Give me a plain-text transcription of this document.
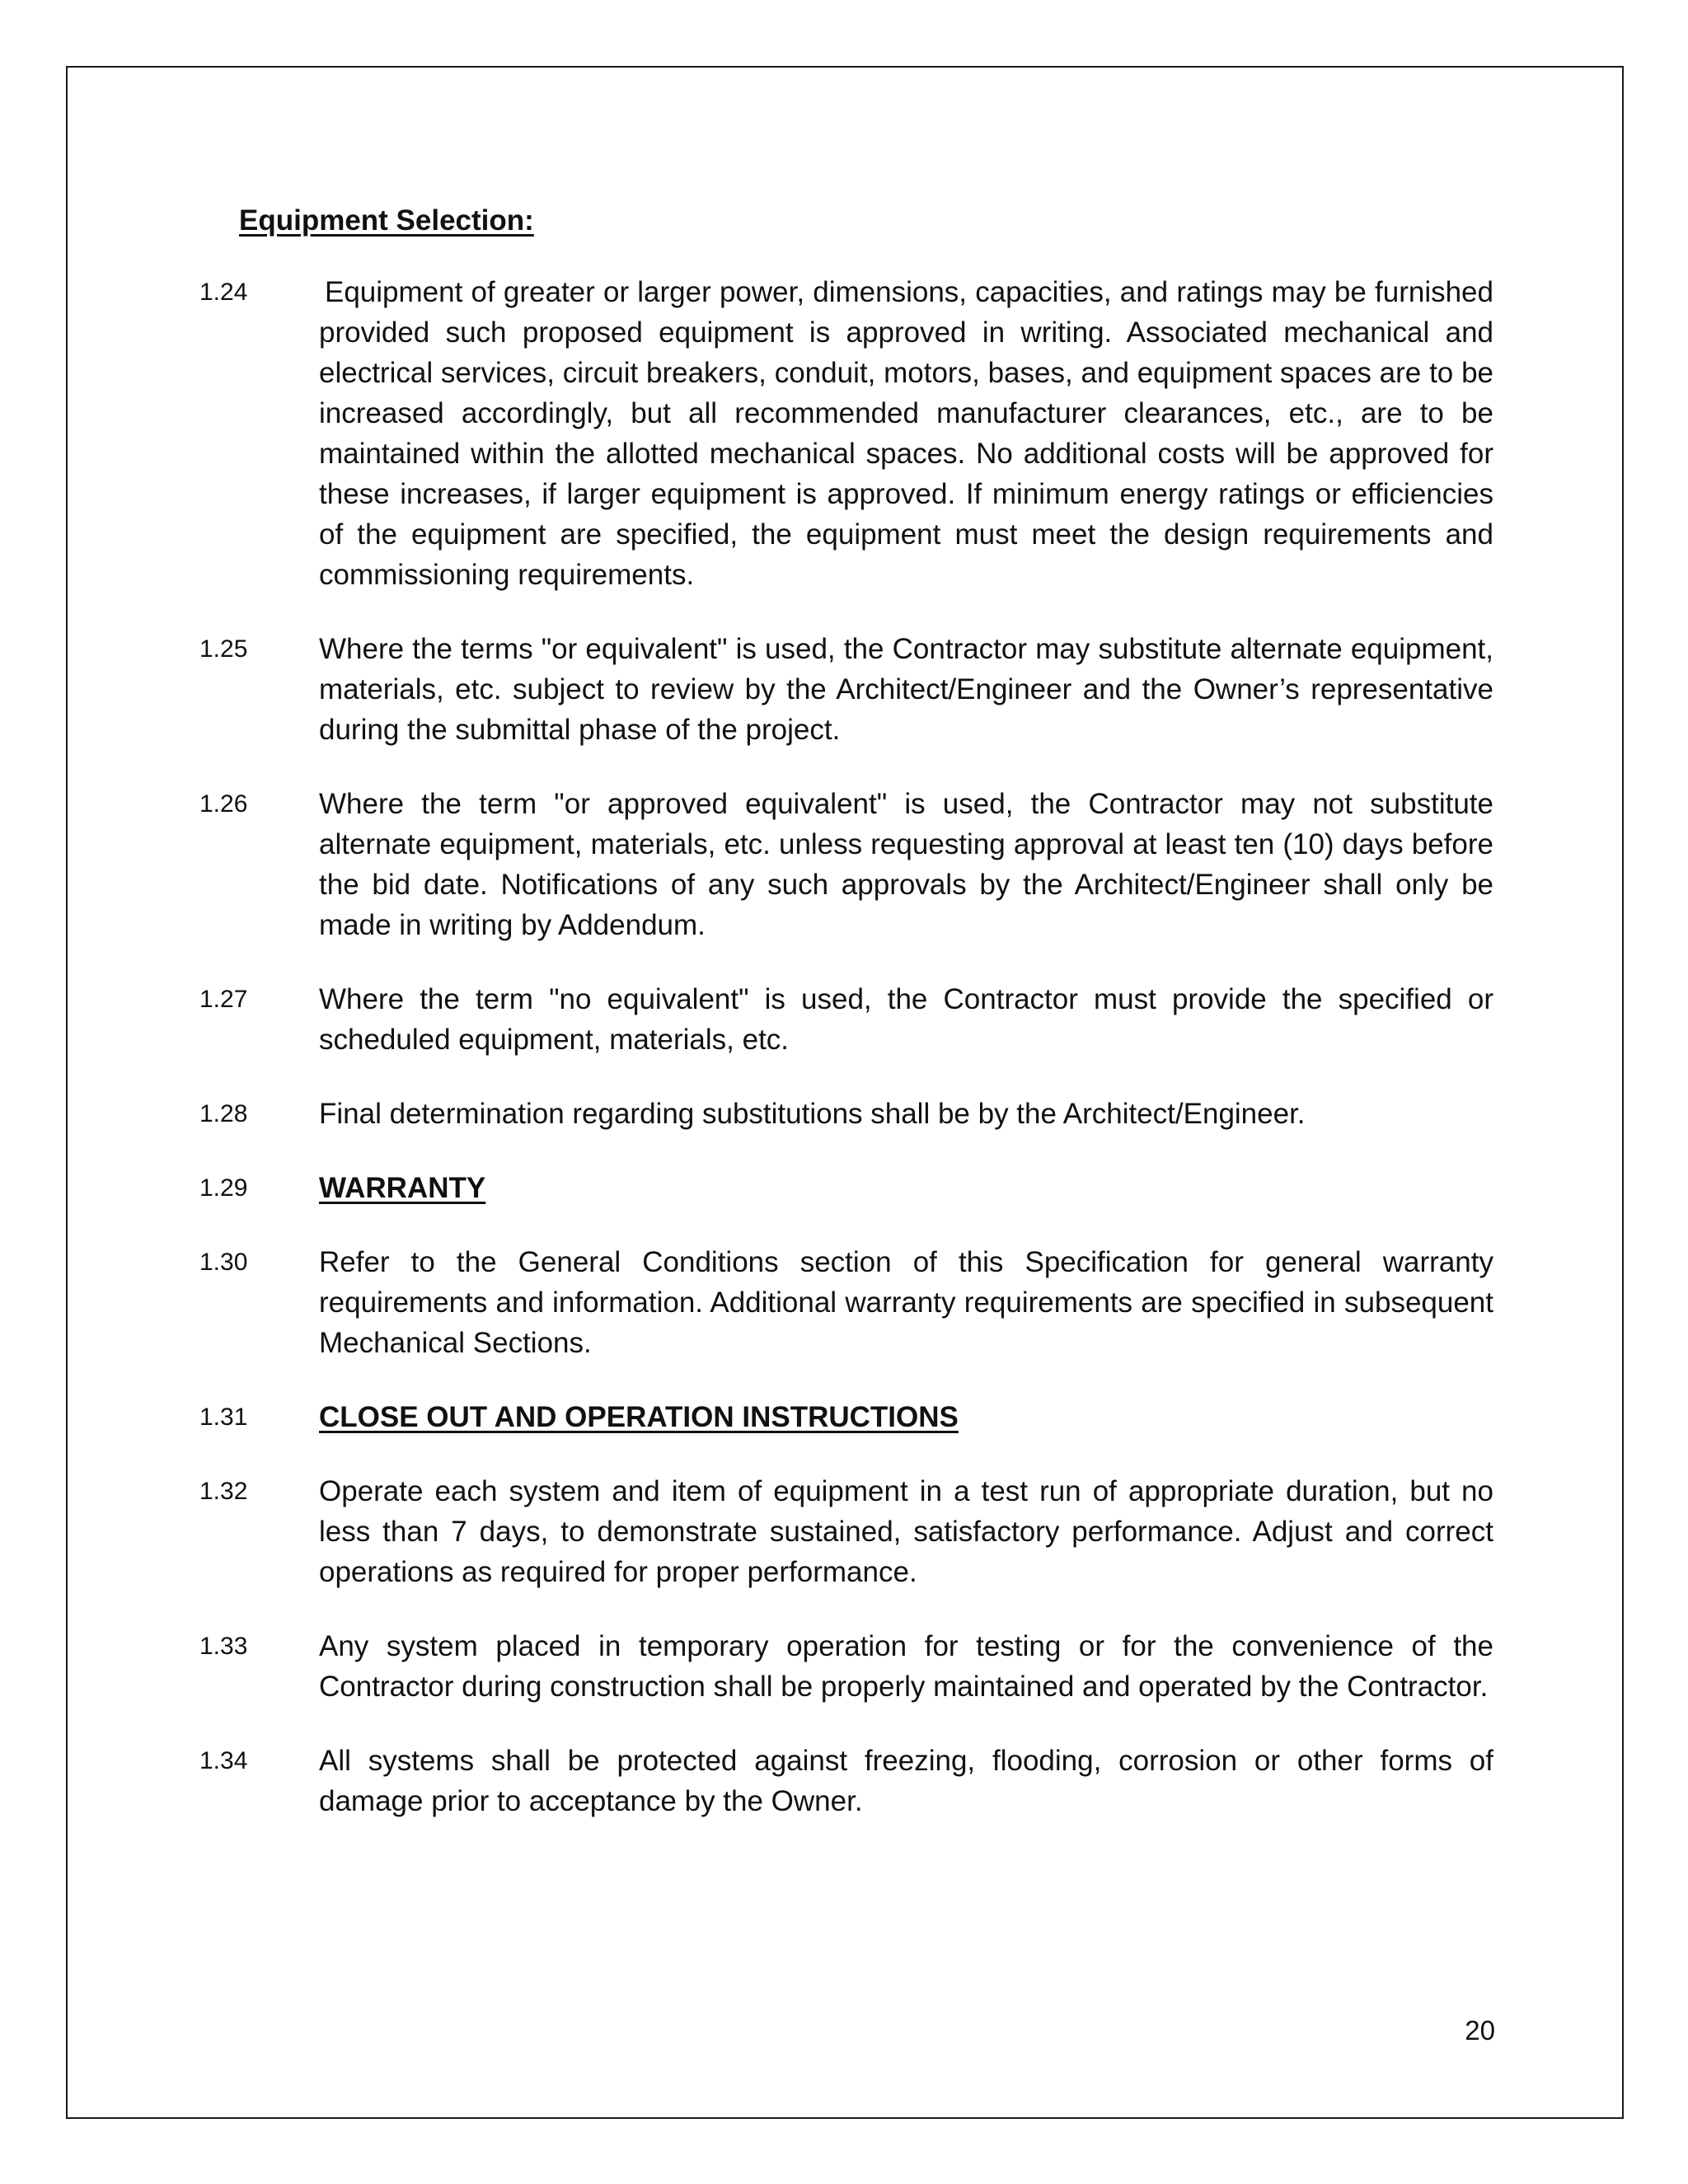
Equipment Selection:
1.24	Equipment of greater or larger power, dimensions, capacities, and ratings may be furnished provided such proposed equipment is approved in writing. Associated mechanical and electrical services, circuit breakers, conduit, motors, bases, and equipment spaces are to be increased accordingly, but all recommended manufacturer clearances, etc., are to be maintained within the allotted mechanical spaces. No additional costs will be approved for these increases, if larger equipment is approved. If minimum energy ratings or efficiencies of the equipment are specified, the equipment must meet the design requirements and commissioning requirements.
1.25	Where the terms "or equivalent" is used, the Contractor may substitute alternate equipment, materials, etc. subject to review by the Architect/Engineer and the Owner’s representative during the submittal phase of the project.
1.26	Where the term "or approved equivalent" is used, the Contractor may not substitute alternate equipment, materials, etc. unless requesting approval at least ten (10) days before the bid date. Notifications of any such approvals by the Architect/Engineer shall only be made in writing by Addendum.
1.27	Where the term "no equivalent" is used, the Contractor must provide the specified or scheduled equipment, materials, etc.
1.28	Final determination regarding substitutions shall be by the Architect/Engineer.
1.29	WARRANTY
1.30	Refer to the General Conditions section of this Specification for general warranty requirements and information. Additional warranty requirements are specified in subsequent Mechanical Sections.
1.31	CLOSE OUT AND OPERATION INSTRUCTIONS
1.32	Operate each system and item of equipment in a test run of appropriate duration, but no less than 7 days, to demonstrate sustained, satisfactory performance. Adjust and correct operations as required for proper performance.
1.33	Any system placed in temporary operation for testing or for the convenience of the Contractor during construction shall be properly maintained and operated by the Contractor.
1.34	All systems shall be protected against freezing, flooding, corrosion or other forms of damage prior to acceptance by the Owner.
20
